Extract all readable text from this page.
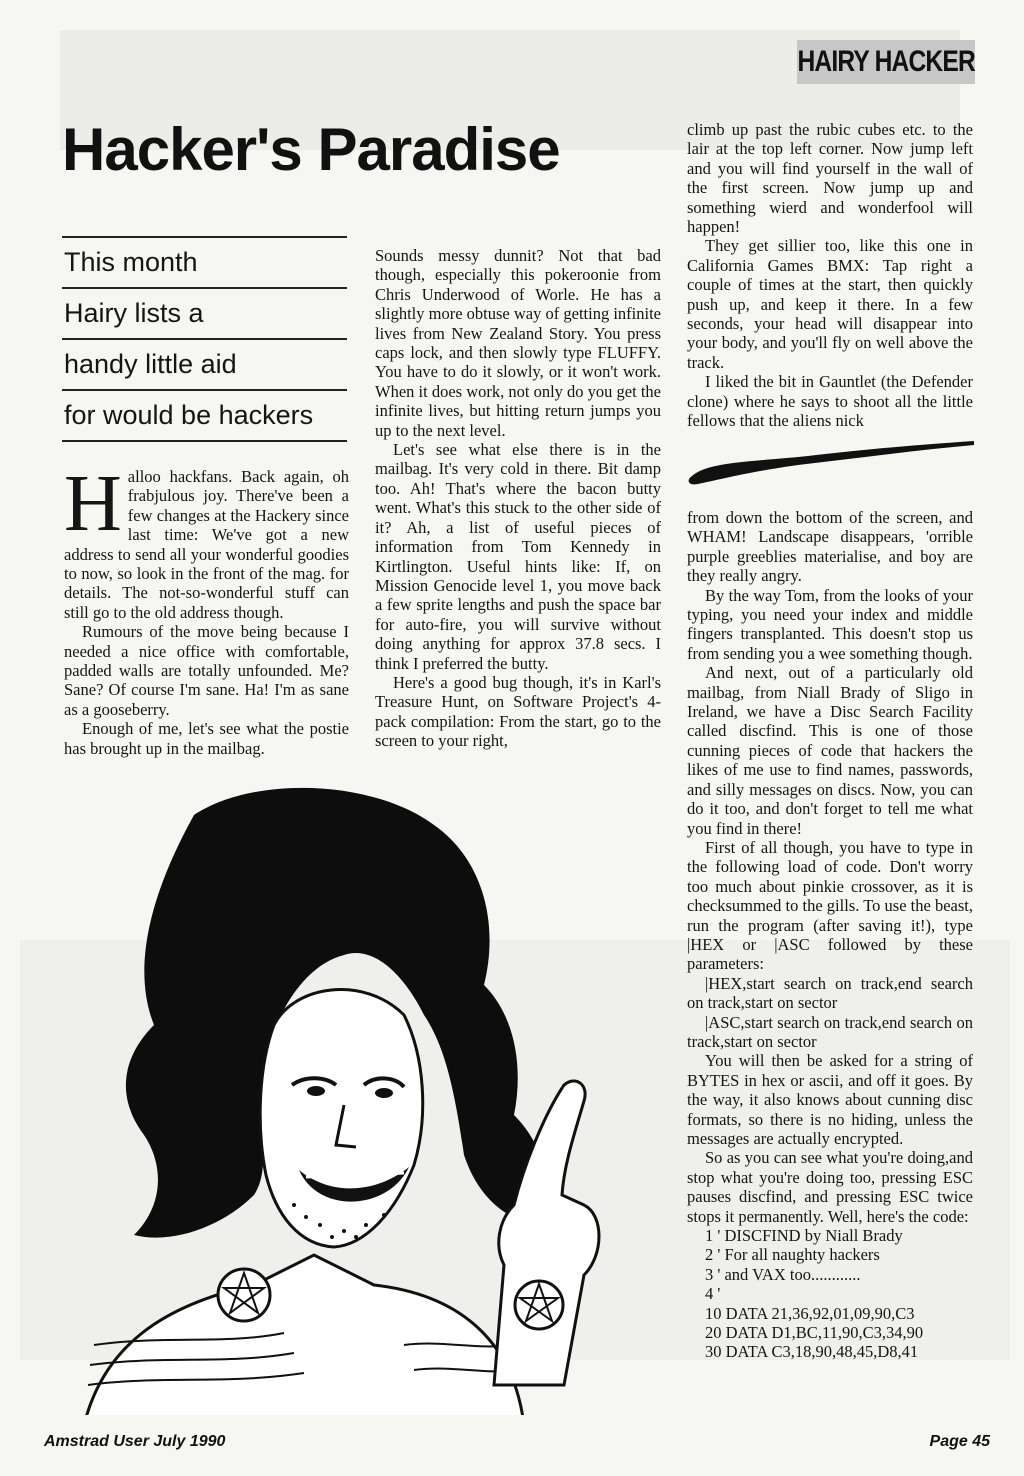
HAIRY HACKER
Hacker's Paradise
This month
Hairy lists a
handy little aid
for would be hackers

Halloo hackfans. Back again, oh frabjulous joy. There've been a few changes at the Hackery since last time: We've got a new address to send all your wonderful goodies to now, so look in the front of the mag. for details. The not-so-wonderful stuff can still go to the old address though.

Rumours of the move being because I needed a nice office with comfortable, padded walls are totally unfounded. Me? Sane? Of course I'm sane. Ha! I'm as sane as a gooseberry.

Enough of me, let's see what the postie has brought up in the mailbag.

Sounds messy dunnit? Not that bad though, especially this pokeroonie from Chris Underwood of Worle. He has a slightly more obtuse way of getting infinite lives from New Zealand Story. You press caps lock, and then slowly type FLUFFY. You have to do it slowly, or it won't work. When it does work, not only do you get the infinite lives, but hitting return jumps you up to the next level.

Let's see what else there is in the mailbag. It's very cold in there. Bit damp too. Ah! That's where the bacon butty went. What's this stuck to the other side of it? Ah, a list of useful pieces of information from Tom Kennedy in Kirtlington. Useful hints like: If, on Mission Genocide level 1, you move back a few sprite lengths and push the space bar for auto-fire, you will survive without doing anything for approx 37.8 secs. I think I preferred the butty.

Here's a good bug though, it's in Karl's Treasure Hunt, on Software Project's 4-pack compilation: From the start, go to the screen to your right,

climb up past the rubic cubes etc. to the lair at the top left corner. Now jump left and you will find yourself in the wall of the first screen. Now jump up and something wierd and wonderfool will happen!

They get sillier too, like this one in California Games BMX: Tap right a couple of times at the start, then quickly push up, and keep it there. In a few seconds, your head will disappear into your body, and you'll fly on well above the track.

I liked the bit in Gauntlet (the Defender clone) where he says to shoot all the little fellows that the aliens nick

from down the bottom of the screen, and WHAM! Landscape disappears, 'orrible purple greeblies materialise, and boy are they really angry.

By the way Tom, from the looks of your typing, you need your index and middle fingers transplanted. This doesn't stop us from sending you a wee something though.

And next, out of a particularly old mailbag, from Niall Brady of Sligo in Ireland, we have a Disc Search Facility called discfind. This is one of those cunning pieces of code that hackers the likes of me use to find names, passwords, and silly messages on discs. Now, you can do it too, and don't forget to tell me what you find in there!

First of all though, you have to type in the following load of code. Don't worry too much about pinkie crossover, as it is checksummed to the gills. To use the beast, run the program (after saving it!), type |HEX or |ASC followed by these parameters:

|HEX,start search on track,end search on track,start on sector

|ASC,start search on track,end search on track,start on sector

You will then be asked for a string of BYTES in hex or ascii, and off it goes. By the way, it also knows about cunning disc formats, so there is no hiding, unless the messages are actually encrypted.

So as you can see what you're doing,and stop what you're doing too, pressing ESC pauses discfind, and pressing ESC twice stops it permanently. Well, here's the code:

1 ' DISCFIND by Niall Brady
2 ' For all naughty hackers
3 ' and VAX too............
4 '
10 DATA 21,36,92,01,09,90,C3
20 DATA D1,BC,11,90,C3,34,90
30 DATA C3,18,90,48,45,D8,41
Amstrad User July 1990	Page 45
